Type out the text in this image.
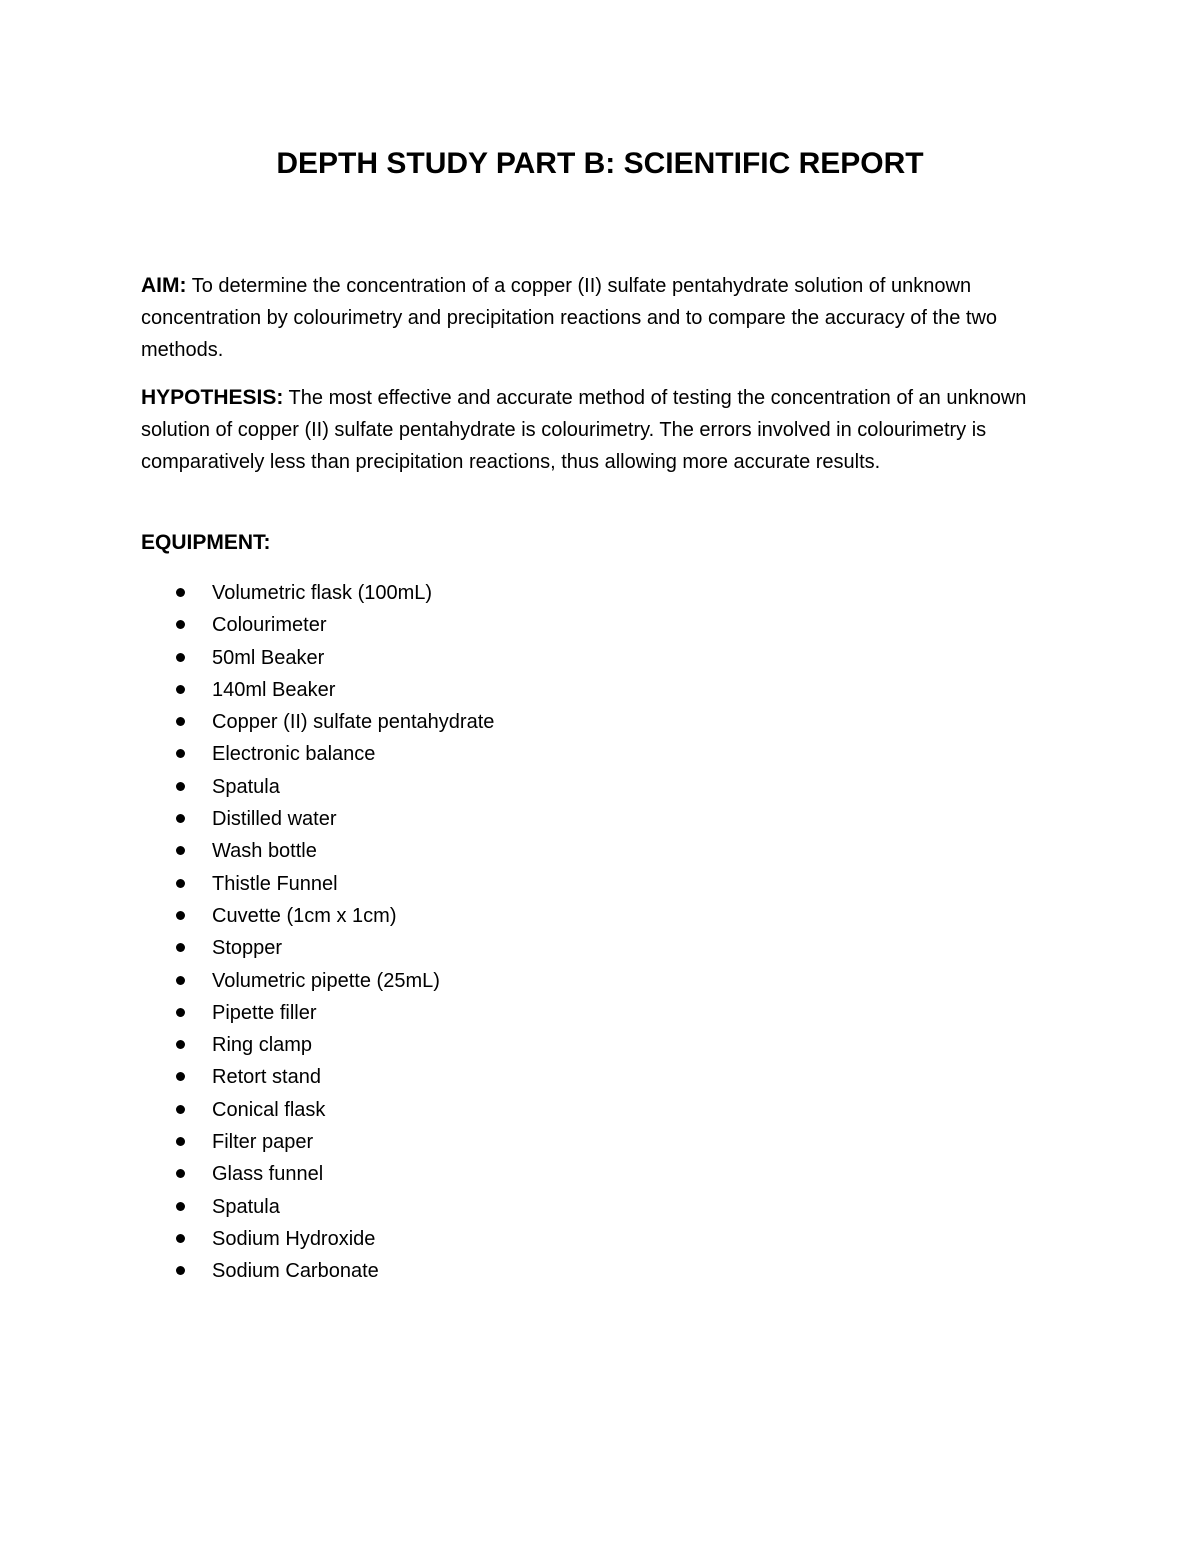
DEPTH STUDY PART B: SCIENTIFIC REPORT

AIM: To determine the concentration of a copper (II) sulfate pentahydrate solution of unknown concentration by colourimetry and precipitation reactions and to compare the accuracy of the two methods.

HYPOTHESIS: The most effective and accurate method of testing the concentration of an unknown solution of copper (II) sulfate pentahydrate is colourimetry. The errors involved in colourimetry is comparatively less than precipitation reactions, thus allowing more accurate results.

EQUIPMENT:
Volumetric flask (100mL)
Colourimeter
50ml Beaker
140ml Beaker
Copper (II) sulfate pentahydrate
Electronic balance
Spatula
Distilled water
Wash bottle
Thistle Funnel
Cuvette (1cm x 1cm)
Stopper
Volumetric pipette (25mL)
Pipette filler
Ring clamp
Retort stand
Conical flask
Filter paper
Glass funnel
Spatula
Sodium Hydroxide
Sodium Carbonate
